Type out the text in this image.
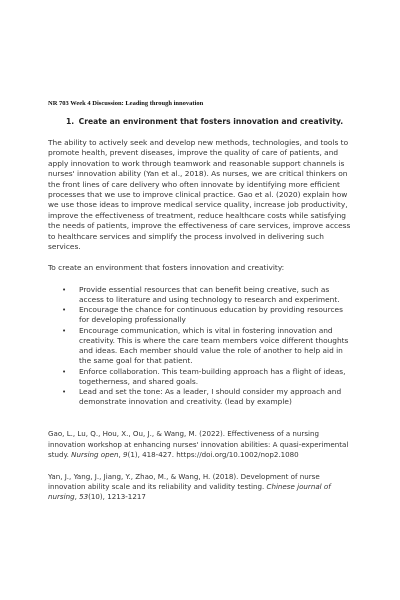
NR 703 Week 4 Discussion: Leading through innovation
1. Create an environment that fosters innovation and creativity.

The ability to actively seek and develop new methods, technologies, and tools to promote health, prevent diseases, improve the quality of care of patients, and apply innovation to work through teamwork and reasonable support channels is nurses' innovation ability (Yan et al., 2018). As nurses, we are critical thinkers on the front lines of care delivery who often innovate by identifying more efficient processes that we use to improve clinical practice. Gao et al. (2020) explain how we use those ideas to improve medical service quality, increase job productivity, improve the effectiveness of treatment, reduce healthcare costs while satisfying the needs of patients, improve the effectiveness of care services, improve access to healthcare services and simplify the process involved in delivering such services.

To create an environment that fosters innovation and creativity:

• Provide essential resources that can benefit being creative, such as access to literature and using technology to research and experiment.
• Encourage the chance for continuous education by providing resources for developing professionally
• Encourage communication, which is vital in fostering innovation and creativity. This is where the care team members voice different thoughts and ideas. Each member should value the role of another to help aid in the same goal for that patient.
• Enforce collaboration. This team-building approach has a flight of ideas, togetherness, and shared goals.
• Lead and set the tone: As a leader, I should consider my approach and demonstrate innovation and creativity. (lead by example)
Gao, L., Lu, Q., Hou, X., Ou, J., & Wang, M. (2022). Effectiveness of a nursing innovation workshop at enhancing nurses' innovation abilities: A quasi-experimental study. Nursing open, 9(1), 418-427. https://doi.org/10.1002/nop2.1080
Yan, J., Yang, J., Jiang, Y., Zhao, M., & Wang, H. (2018). Development of nurse innovation ability scale and its reliability and validity testing. Chinese journal of nursing, 53(10), 1213-1217
